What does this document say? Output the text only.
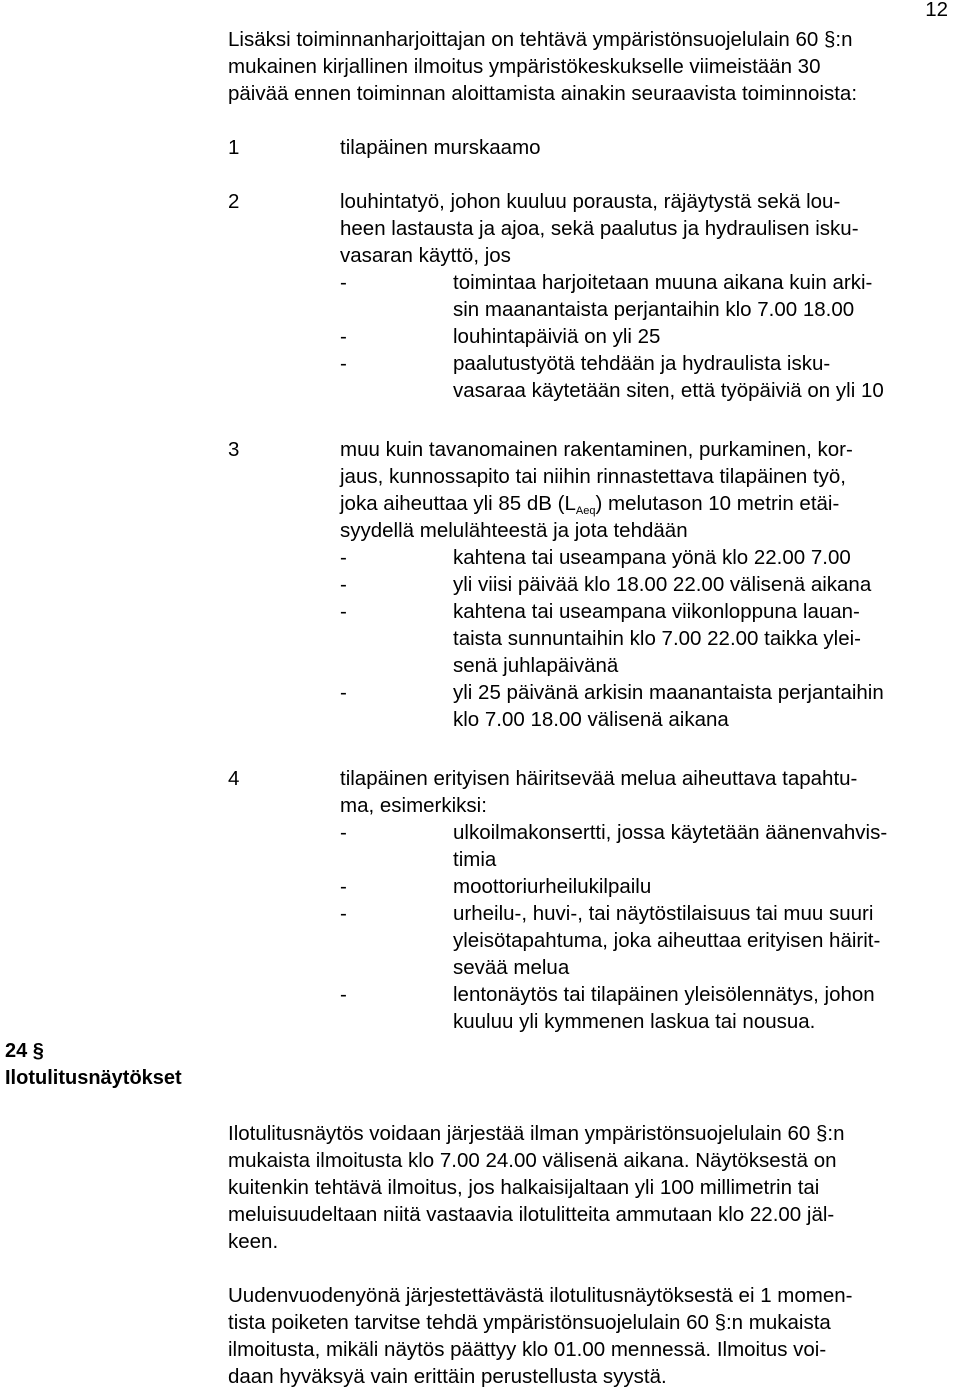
12
Lisäksi toiminnanharjoittajan on tehtävä ympäristönsuojelulain 60 §:n
mukainen kirjallinen ilmoitus ympäristökeskukselle viimeistään 30
päivää ennen toiminnan aloittamista ainakin seuraavista toiminnoista:
1	tilapäinen murskaamo
2	louhintatyö, johon kuuluu porausta, räjäytystä sekä lou-
heen lastausta ja ajoa, sekä paalutus ja hydraulisen isku-
vasaran käyttö, jos
-	toimintaa harjoitetaan muuna aikana kuin arki-
sin maanantaista perjantaihin klo 7.00 18.00
-	louhintapäiviä on yli 25
-	paalutustyötä tehdään ja hydraulista isku-
vasaraa käytetään siten, että työpäiviä on yli 10
3	muu kuin tavanomainen rakentaminen, purkaminen, kor-
jaus, kunnossapito tai niihin rinnastettava tilapäinen työ,
joka aiheuttaa yli 85 dB $(L_{Aeq})$ melutason 10 metrin etäi-
syydellä melulähteestä ja jota tehdään
-	kahtena tai useampana yönä klo 22.00 7.00
-	yli viisi päivää klo 18.00 22.00 välisenä aikana
-	kahtena tai useampana viikonloppuna lauan-
taista sunnuntaihin klo 7.00 22.00 taikka ylei-
senä juhlapäivänä
-	yli 25 päivänä arkisin maanantaista perjantaihin
klo 7.00 18.00 välisenä aikana
4	tilapäinen erityisen häiritsevää melua aiheuttava tapahtu-
ma, esimerkiksi:
-	ulkoilmakonsertti, jossa käytetään äänenvahvis-
timia
-	moottoriurheilukilpailu
-	urheilu-, huvi-, tai näytöstilaisuus tai muu suuri
yleisötapahtuma, joka aiheuttaa erityisen häirit-
sevää melua
-	lentonäytös tai tilapäinen yleisölennätys, johon
kuuluu yli kymmenen laskua tai nousua.
24 §
Ilotulitusnäytökset
Ilotulitusnäytös voidaan järjestää ilman ympäristönsuojelulain 60 §:n
mukaista ilmoitusta klo 7.00 24.00 välisenä aikana. Näytöksestä on
kuitenkin tehtävä ilmoitus, jos halkaisijaltaan yli 100 millimetrin tai
meluisuudeltaan niitä vastaavia ilotulitteita ammutaan klo 22.00 jäl-
keen.
Uudenvuodenyönä järjestettävästä ilotulitusnäytöksestä ei 1 momen-
tista poiketen tarvitse tehdä ympäristönsuojelulain 60 §:n mukaista
ilmoitusta, mikäli näytös päättyy klo 01.00 mennessä. Ilmoitus voi-
daan hyväksyä vain erittäin perustellusta syystä.
